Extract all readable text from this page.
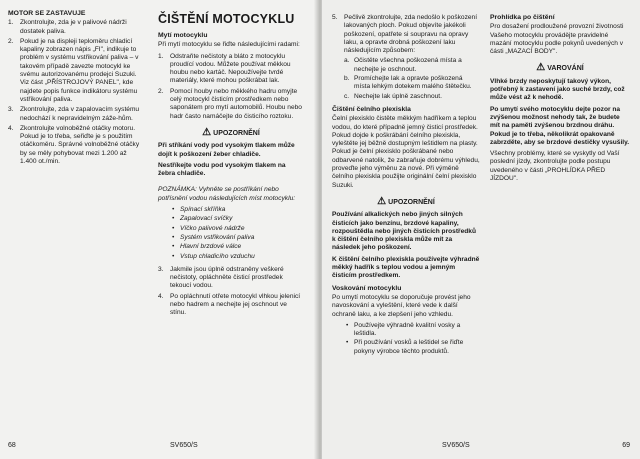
MOTOR SE ZASTAVUJE
1. Zkontrolujte, zda je v palivové nádrži dostatek paliva.
2. Pokud je na displeji teploměru chladicí kapaliny zobrazen nápis „FI", indikuje to problém v systému vstřikování paliva – v takovém případě zavezte motocykl ke svému autorizovanému prodejci Suzuki. Viz část „PŘÍSTROJOVÝ PANEL", kde najdete popis funkce indikátoru systému vstřikování paliva.
3. Zkontrolujte, zda v zapalovacím systému nedochází k nepravidelným záže-hům.
4. Zkontrolujte volnoběžné otáčky motoru. Pokud je to třeba, seřiďte je s použitím otáčkoměru. Správné volnoběžné otáčky by se měly pohybovat mezi 1.200 až 1.400 ot./min.
ČIŠTĚNÍ MOTOCYKLU
Mytí motocyklu

Při mytí motocyklu se řiďte následujícími radami:

1. Odstraňte nečistoty a bláto z motocyklu proudící vodou. Můžete používat měkkou houbu nebo kartáč. Nepoužívejte tvrdé materiály, které mohou poškrábat lak.
2. Pomocí houby nebo měkkého hadru omyjte celý motocykl čisticím prostředkem nebo saponátem pro mytí automobilů. Houbu nebo hadr často namáčejte do čisticího roztoku.
⚠ UPOZORNĚNÍ

Při stříkání vody pod vysokým tlakem může dojít k poškození žeber chladiče.

Nestříkejte vodu pod vysokým tlakem na žebra chladiče.

POZNÁMKA: Vyhněte se postříkání nebo potřísnění vodou následujících míst motocyklu:

• Spínací skříňka
• Zapalovací svíčky
• Víčko palivové nádrže
• Systém vstřikování paliva
• Hlavní brzdové válce
• Vstup chladicího vzduchu
3. Jakmile jsou úplně odstraněny veškeré nečistoty, opláchněte čisticí prostředek tekoucí vodou.
4. Po opláchnutí otřete motocykl vlhkou jelenicí nebo hadrem a nechejte jej oschnout ve stínu.
68	SV650/S
5. Pečlivě zkontrolujte, zda nedošlo k poškození lakovaných ploch. Pokud objevíte jakékoli poškození, opatřete si soupravu na opravy laku, a opravte drobná poškození laku následujícím způsobem:
a. Očistěte všechna poškozená místa a nechejte je oschnout.
b. Promíchejte lak a opravte poškozená místa lehkým dotekem malého štětečku.
c. Nechejte lak úplně zaschnout.
Čištění čelního plexiskla

Čelní plexisklo čistěte měkkým hadříkem a teplou vodou, do které případně jemný čisticí prostředek. Pokud dojde k poškrábání čelního plexiskla, vyleštěte jej běžně dostupným leštidlem na plasty. Pokud je čelní plexisklo poškrábané nebo odbarvené natolik, že zabraňuje dobrému výhledu, proveďte jeho výměnu za nové. Při výměně čelního plexiskla použijte originální čelní plexisklo Suzuki.

⚠ UPOZORNĚNÍ

Používání alkalických nebo jiných silných čisticích jako benzínu, brzdové kapaliny, rozpouštědla nebo jiných čisticích prostředků k čištění čelního plexiskla může mít za následek jeho poškození.

K čištění čelního plexiskla používejte výhradně měkký hadřík s teplou vodou a jemným čisticím prostředkem.

Voskování motocyklu

Po umytí motocyklu se doporučuje provést jeho navoskování a vyleštění, které vede k další ochraně laku, a ke zlepšení jeho vzhledu.

• Používejte výhradně kvalitní vosky a leštidla.
• Při používání vosků a leštidel se řiďte pokyny výrobce těchto produktů.
Prohlídka po čištění

Pro dosažení prodloužené provozní životnosti Vašeho motocyklu provádějte pravidelné mazání motocyklu podle pokynů uvedených v části „MAZACÍ BODY".

⚠ VAROVÁNÍ

Vlhké brzdy neposkytují takový výkon, potřebný k zastavení jako suché brzdy, což může vést až k nehodě.

Po umytí svého motocyklu dejte pozor na zvýšenou možnost nehody tak, že budete mít na paměti zvýšenou brzdnou dráhu. Pokud je to třeba, několikrát opakovaně zabrzděte, aby se brzdové destičky vysušily.

Všechny problémy, které se vyskytly od Vaší poslední jízdy, zkontrolujte podle postupu uvedeného v části „PROHLÍDKA PŘED JÍZDOU".

SV650/S	69
